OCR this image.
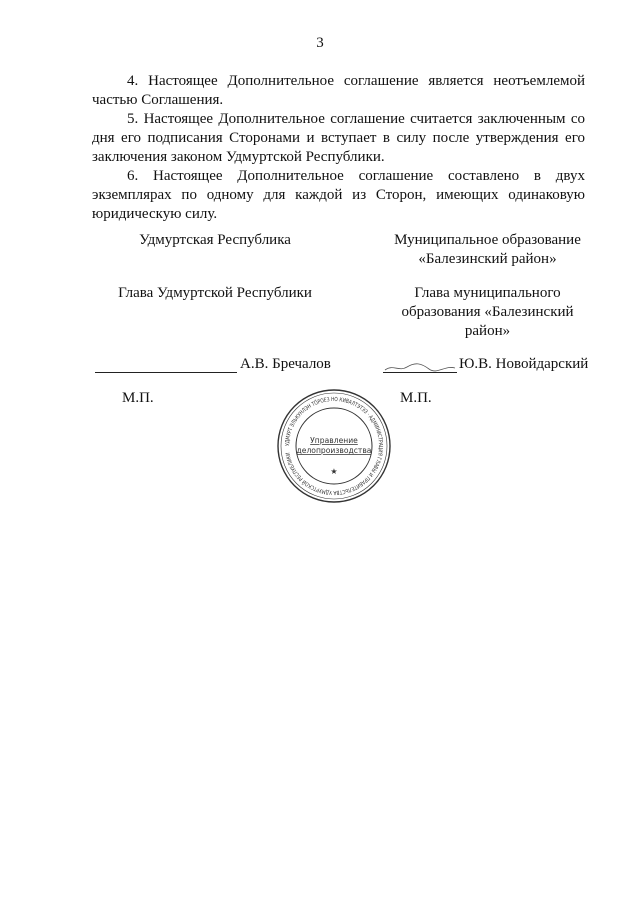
3
4. Настоящее Дополнительное соглашение является неотъемлемой частью Соглашения.
5. Настоящее Дополнительное соглашение считается заключенным со дня его подписания Сторонами и вступает в силу после утверждения его заключения законом Удмуртской Республики.
6. Настоящее Дополнительное соглашение составлено в двух экземплярах по одному для каждой из Сторон, имеющих одинаковую юридическую силу.
Удмуртская Республика
Глава Удмуртской Республики
А.В. Бречалов
М.П.
Муниципальное образование
«Балезинский район»
Главa муниципального
образования «Балезинский
район»
Ю.В. Новойдарский
М.П.
УДМУРТ ЭЛЬКУНЛЭН ТӦРОЕЗ НО КИВАЛТЭТЭЗ · АДМИНИСТРАЦИЯ ГЛАВЫ И ПРАВИТЕЛЬСТВА УДМУРТСКОЙ РЕСПУБЛИКИ
Управление
делопроизводства
★
